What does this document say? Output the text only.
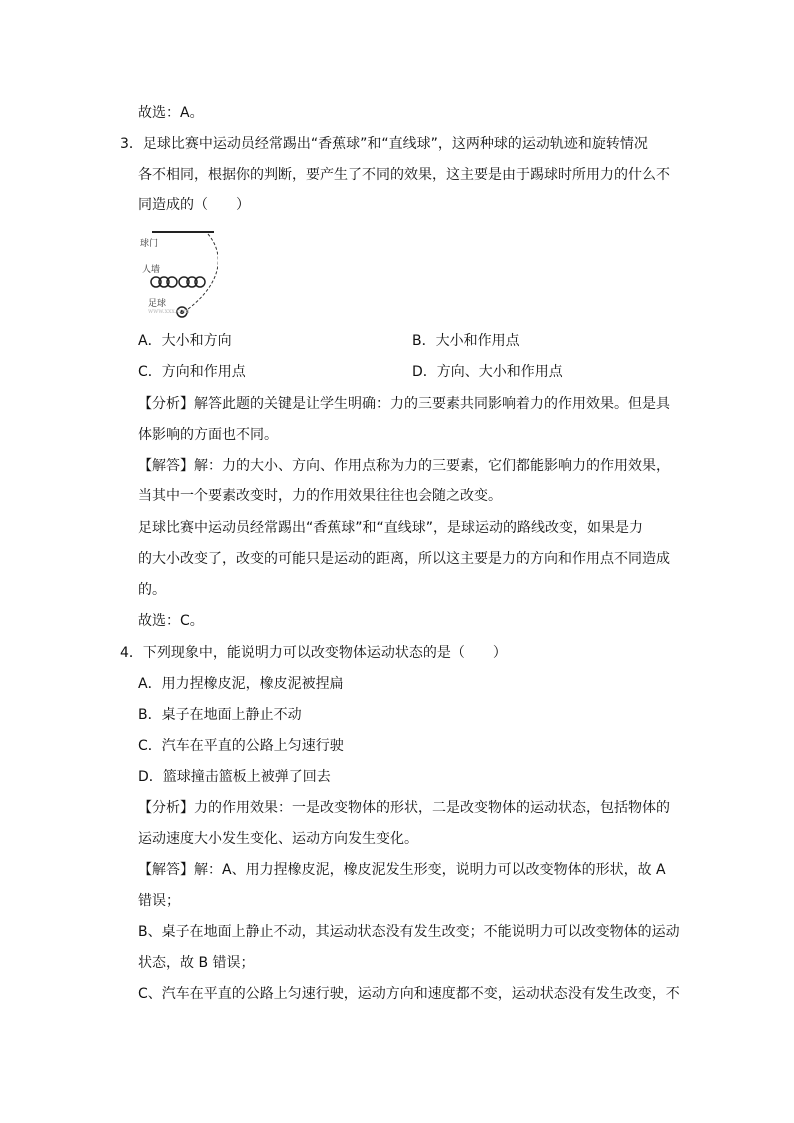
故选：A。
3．足球比赛中运动员经常踢出“香蕉球”和“直线球”，这两种球的运动轨迹和旋转情况
各不相同，根据你的判断，要产生了不同的效果，这主要是由于踢球时所用力的什么不
同造成的（　　）
球门
人墙
足球
www.xxx.com
A．大小和方向	B．大小和作用点
C．方向和作用点	D．方向、大小和作用点
【分析】解答此题的关键是让学生明确：力的三要素共同影响着力的作用效果。但是具
体影响的方面也不同。
【解答】解：力的大小、方向、作用点称为力的三要素，它们都能影响力的作用效果，
当其中一个要素改变时，力的作用效果往往也会随之改变。
足球比赛中运动员经常踢出“香蕉球”和“直线球”，是球运动的路线改变，如果是力
的大小改变了，改变的可能只是运动的距离，所以这主要是力的方向和作用点不同造成
的。
故选：C。
4．下列现象中，能说明力可以改变物体运动状态的是（　　）
A．用力捏橡皮泥，橡皮泥被捏扁
B．桌子在地面上静止不动
C．汽车在平直的公路上匀速行驶
D．篮球撞击篮板上被弹了回去
【分析】力的作用效果：一是改变物体的形状，二是改变物体的运动状态，包括物体的
运动速度大小发生变化、运动方向发生变化。
【解答】解：A、用力捏橡皮泥，橡皮泥发生形变，说明力可以改变物体的形状，故 A
错误；
B、桌子在地面上静止不动，其运动状态没有发生改变；不能说明力可以改变物体的运动
状态，故 B 错误；
C、汽车在平直的公路上匀速行驶，运动方向和速度都不变，运动状态没有发生改变，不
